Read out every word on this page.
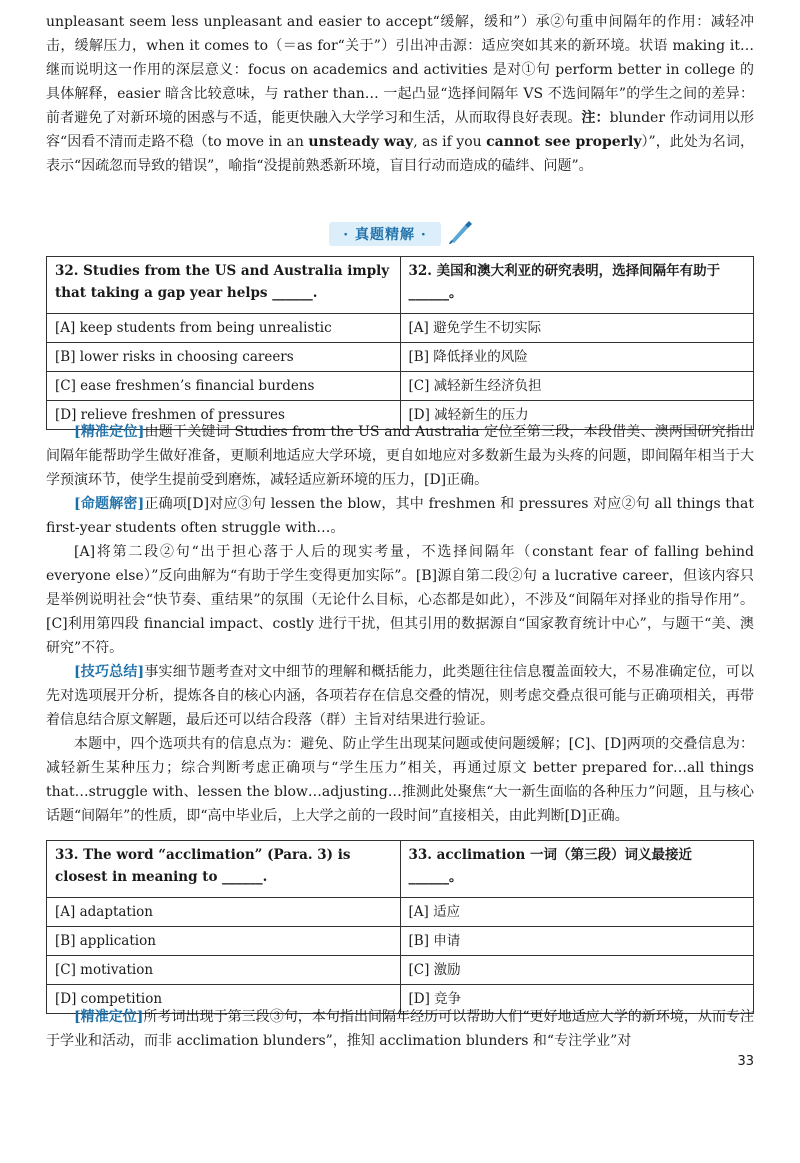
unpleasant seem less unpleasant and easier to accept“缓解，缓和”）承②句重申间隔年的作用：减轻冲击，缓解压力，when it comes to（＝as for“关于”）引出冲击源：适应突如其来的新环境。状语 making it…继而说明这一作用的深层意义：focus on academics and activities 是对①句 perform better in college 的具体解释，easier 暗含比较意味，与 rather than… 一起凸显“选择间隔年 VS 不选间隔年”的学生之间的差异：前者避免了对新环境的困惑与不适，能更快融入大学学习和生活，从而取得良好表现。注：blunder 作动词用以形容“因看不清而走路不稳（to move in an unsteady way, as if you cannot see properly）”，此处为名词，表示“因疏忽而导致的错误”，喻指“没提前熟悉新环境，盲目行动而造成的磕绊、问题”。

· 真题精解 ·
32. Studies from the US and Australia imply that taking a gap year helps ______.	32. 美国和澳大利亚的研究表明，选择间隔年有助于______。
[A] keep students from being unrealistic	[A] 避免学生不切实际
[B] lower risks in choosing careers	[B] 降低择业的风险
[C] ease freshmen’s financial burdens	[C] 减轻新生经济负担
[D] relieve freshmen of pressures	[D] 减轻新生的压力

[精准定位]由题干关键词 Studies from the US and Australia 定位至第三段，本段借美、澳两国研究指出间隔年能帮助学生做好准备，更顺利地适应大学环境，更自如地应对多数新生最为头疼的问题，即间隔年相当于大学预演环节，使学生提前受到磨炼，减轻适应新环境的压力，[D]正确。

[命题解密]正确项[D]对应③句 lessen the blow，其中 freshmen 和 pressures 对应②句 all things that first-year students often struggle with…。

[A]将第二段②句“出于担心落于人后的现实考量，不选择间隔年（constant fear of falling behind everyone else）”反向曲解为“有助于学生变得更加实际”。[B]源自第二段②句 a lucrative career，但该内容只是举例说明社会“快节奏、重结果”的氛围（无论什么目标，心态都是如此），不涉及“间隔年对择业的指导作用”。[C]利用第四段 financial impact、costly 进行干扰，但其引用的数据源自“国家教育统计中心”，与题干“美、澳研究”不符。

[技巧总结]事实细节题考查对文中细节的理解和概括能力，此类题往往信息覆盖面较大，不易准确定位，可以先对选项展开分析，提炼各自的核心内涵，各项若存在信息交叠的情况，则考虑交叠点很可能与正确项相关，再带着信息结合原文解题，最后还可以结合段落（群）主旨对结果进行验证。

本题中，四个选项共有的信息点为：避免、防止学生出现某问题或使问题缓解；[C]、[D]两项的交叠信息为：减轻新生某种压力；综合判断考虑正确项与“学生压力”相关，再通过原文 better prepared for…all things that…struggle with、lessen the blow…adjusting…推测此处聚焦“大一新生面临的各种压力”问题，且与核心话题“间隔年”的性质，即“高中毕业后，上大学之前的一段时间”直接相关，由此判断[D]正确。

33. The word “acclimation” (Para. 3) is closest in meaning to ______.	33. acclimation 一词（第三段）词义最接近______。
[A] adaptation	[A] 适应
[B] application	[B] 申请
[C] motivation	[C] 激励
[D] competition	[D] 竞争

[精准定位]所考词出现于第三段③句，本句指出间隔年经历可以帮助人们“更好地适应大学的新环境，从而专注于学业和活动，而非 acclimation blunders”，推知 acclimation blunders 和“专注学业”对

33
